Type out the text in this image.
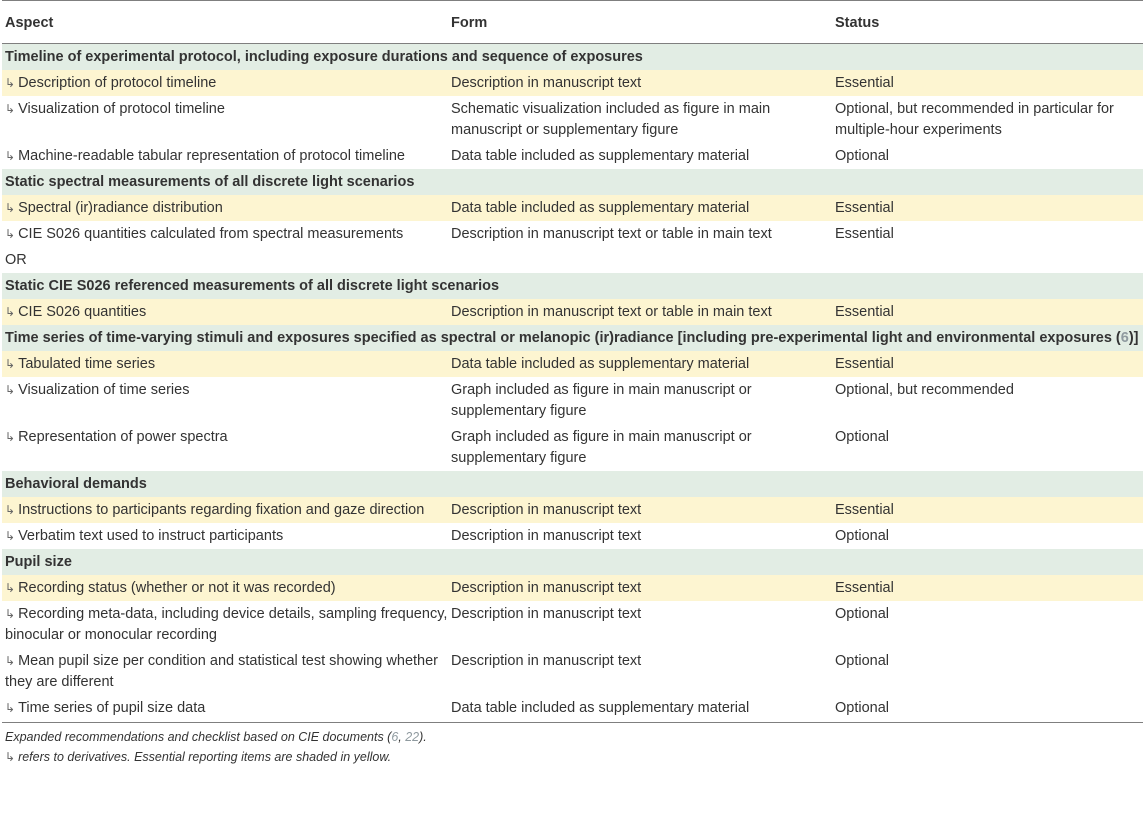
Aspect	Form	Status
Timeline of experimental protocol, including exposure durations and sequence of exposures		
↳ Description of protocol timeline	Description in manuscript text	Essential
↳ Visualization of protocol timeline	Schematic visualization included as figure in main manuscript or supplementary figure	Optional, but recommended in particular for multiple-hour experiments
↳ Machine-readable tabular representation of protocol timeline	Data table included as supplementary material	Optional
Static spectral measurements of all discrete light scenarios		
↳ Spectral (ir)radiance distribution	Data table included as supplementary material	Essential
↳ CIE S026 quantities calculated from spectral measurements	Description in manuscript text or table in main text	Essential
OR		
Static CIE S026 referenced measurements of all discrete light scenarios		
↳ CIE S026 quantities	Description in manuscript text or table in main text	Essential
Time series of time-varying stimuli and exposures specified as spectral or melanopic (ir)radiance [including pre-experimental light and environmental exposures (6)]		
↳ Tabulated time series	Data table included as supplementary material	Essential
↳ Visualization of time series	Graph included as figure in main manuscript or supplementary figure	Optional, but recommended
↳ Representation of power spectra	Graph included as figure in main manuscript or supplementary figure	Optional
Behavioral demands		
↳ Instructions to participants regarding fixation and gaze direction	Description in manuscript text	Essential
↳ Verbatim text used to instruct participants	Description in manuscript text	Optional
Pupil size		
↳ Recording status (whether or not it was recorded)	Description in manuscript text	Essential
↳ Recording meta-data, including device details, sampling frequency, binocular or monocular recording	Description in manuscript text	Optional
↳ Mean pupil size per condition and statistical test showing whether they are different	Description in manuscript text	Optional
↳ Time series of pupil size data	Data table included as supplementary material	Optional
Expanded recommendations and checklist based on CIE documents (6, 22).
↳ refers to derivatives. Essential reporting items are shaded in yellow.
